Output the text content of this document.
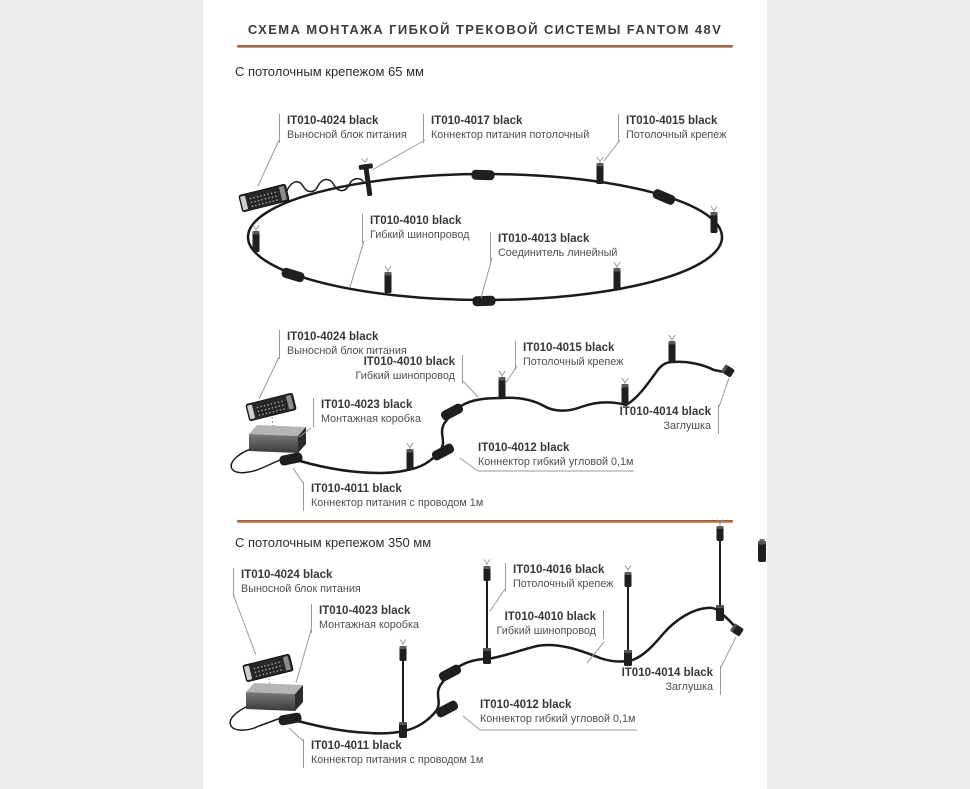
СХЕМА МОНТАЖА ГИБКОЙ ТРЕКОВОЙ СИСТЕМЫ FANTOM 48V
С потолочным крепежом 65 мм
С потолочным крепежом 350 мм
IT010-4024 black
Выносной блок питания
IT010-4017 black
Коннектор питания потолочный
IT010-4015 black
Потолочный крепеж
IT010-4010 black
Гибкий шинопровод IT010-4013 black
Соединитель линейный
IT010-4024 black
Выносной блок питания
IT010-4010 black
Гибкий шинопровод
IT010-4015 black
Потолочный крепеж
IT010-4023 black
Монтажная коробка
IT010-4012 black
Коннектор гибкий угловой 0,1м
IT010-4014 black
Заглушка
IT010-4011 black
Коннектор питания с проводом 1м
IT010-4024 black
Выносной блок питания
IT010-4016 black
Потолочный крепеж
IT010-4023 black
Монтажная коробка
IT010-4010 black
Гибкий шинопровод
IT010-4012 black
Коннектор гибкий угловой 0,1м
IT010-4014 black
Заглушка
IT010-4011 black
Коннектор питания с проводом 1м
